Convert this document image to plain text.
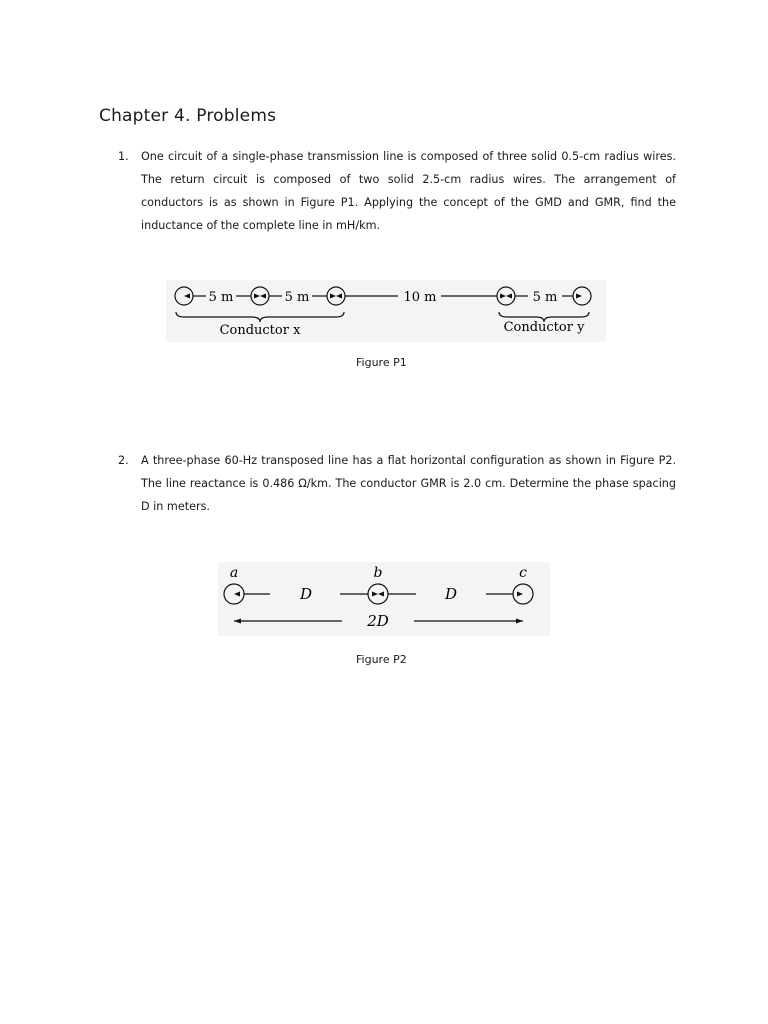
Chapter 4. Problems
1. One circuit of a single-phase transmission line is composed of three solid 0.5-cm radius wires. The return circuit is composed of two solid 2.5-cm radius wires. The arrangement of conductors is as shown in Figure P1. Applying the concept of the GMD and GMR, find the inductance of the complete line in mH/km.
5 m	5 m	10 m	5 m
Conductor x	Conductor y
Figure P1
2. A three-phase 60-Hz transposed line has a flat horizontal configuration as shown in Figure P2. The line reactance is 0.486 Ω/km. The conductor GMR is 2.0 cm. Determine the phase spacing D in meters.
a	b	c
D	D
2D
Figure P2
